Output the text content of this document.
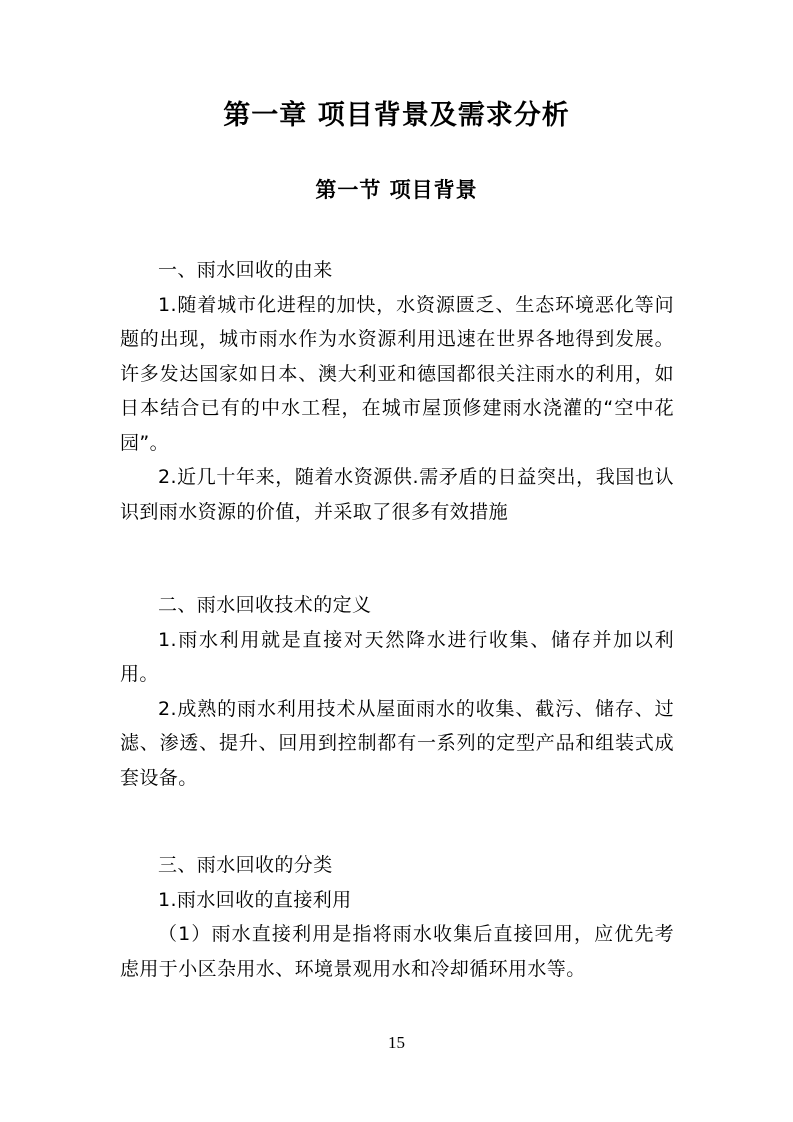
第一章 项目背景及需求分析
第一节 项目背景

一、雨水回收的由来

1.随着城市化进程的加快，水资源匮乏、生态环境恶化等问题的出现，城市雨水作为水资源利用迅速在世界各地得到发展。许多发达国家如日本、澳大利亚和德国都很关注雨水的利用，如日本结合已有的中水工程，在城市屋顶修建雨水浇灌的“空中花园”。

2.近几十年来，随着水资源供.需矛盾的日益突出，我国也认识到雨水资源的价值，并采取了很多有效措施

二、雨水回收技术的定义

1.雨水利用就是直接对天然降水进行收集、储存并加以利用。

2.成熟的雨水利用技术从屋面雨水的收集、截污、储存、过滤、渗透、提升、回用到控制都有一系列的定型产品和组装式成套设备。

三、雨水回收的分类

1.雨水回收的直接利用

（1）雨水直接利用是指将雨水收集后直接回用，应优先考虑用于小区杂用水、环境景观用水和冷却循环用水等。

15
